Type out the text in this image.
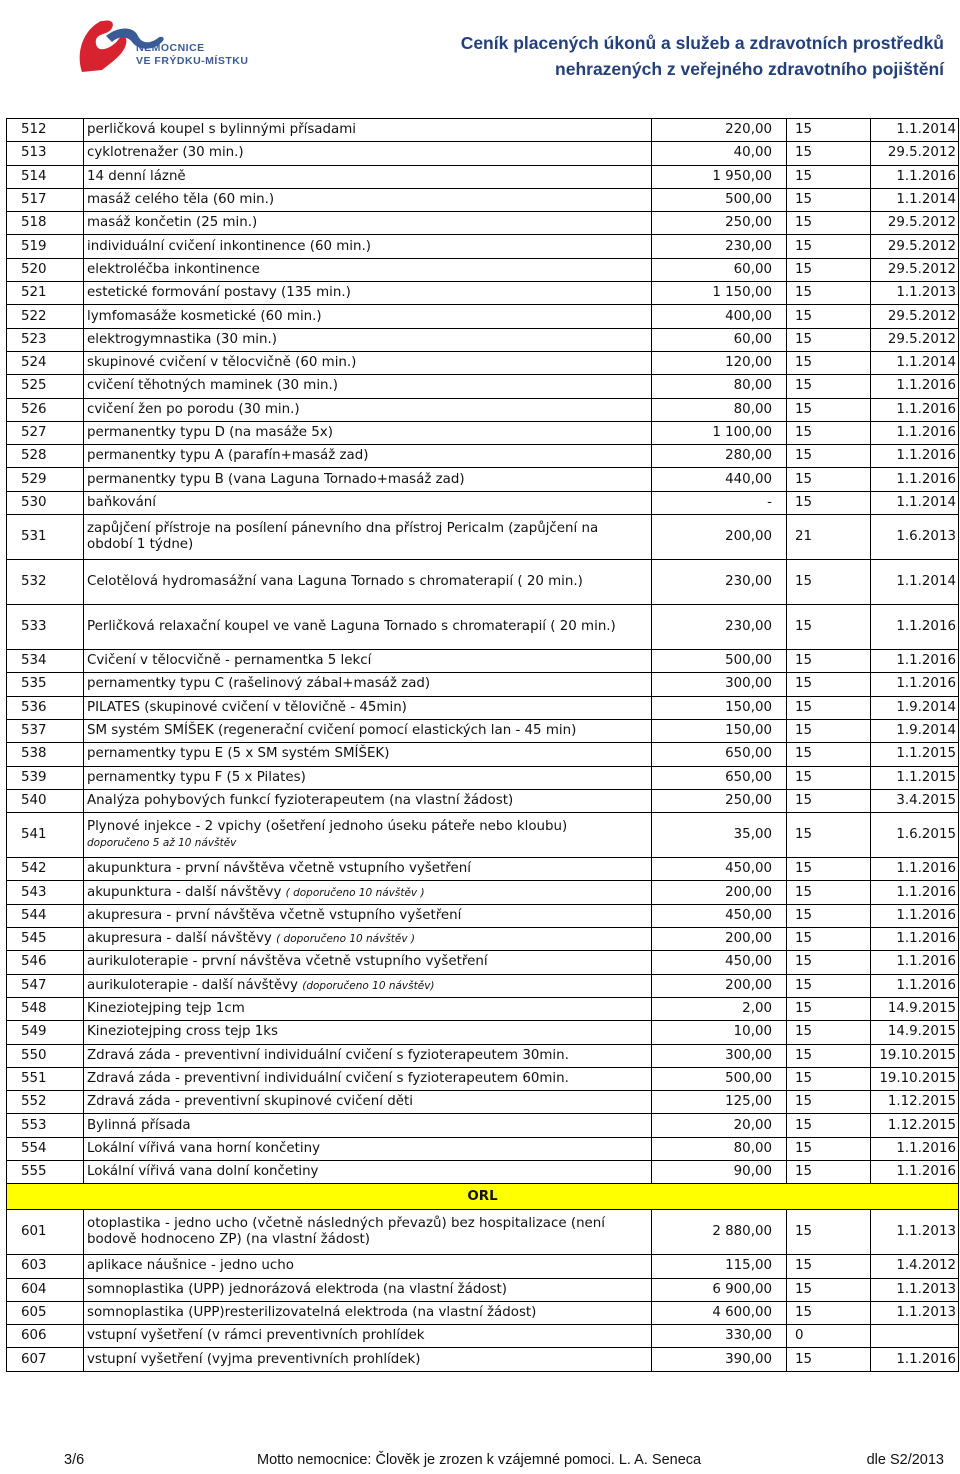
NEMOCNICE
VE FRÝDKU-MÍSTKU
Ceník placených úkonů a služeb a zdravotních prostředků
nehrazených z veřejného zdravotního pojištění
512	perličková koupel s bylinnými přísadami	220,00	15	1.1.2014
513	cyklotrenažer (30 min.)	40,00	15	29.5.2012
514	14 denní lázně	1 950,00	15	1.1.2016
517	masáž celého těla (60 min.)	500,00	15	1.1.2014
518	masáž končetin (25 min.)	250,00	15	29.5.2012
519	individuální cvičení inkontinence (60 min.)	230,00	15	29.5.2012
520	elektroléčba inkontinence	60,00	15	29.5.2012
521	estetické formování postavy (135 min.)	1 150,00	15	1.1.2013
522	lymfomasáže kosmetické (60 min.)	400,00	15	29.5.2012
523	elektrogymnastika (30 min.)	60,00	15	29.5.2012
524	skupinové cvičení v tělocvičně (60 min.)	120,00	15	1.1.2014
525	cvičení těhotných maminek (30 min.)	80,00	15	1.1.2016
526	cvičení žen po porodu (30 min.)	80,00	15	1.1.2016
527	permanentky typu D (na masáže 5x)	1 100,00	15	1.1.2016
528	permanentky typu A (parafín+masáž zad)	280,00	15	1.1.2016
529	permanentky typu B (vana Laguna Tornado+masáž zad)	440,00	15	1.1.2016
530	baňkování	-	15	1.1.2014
531	zapůjčení přístroje na posílení pánevního dna přístroj Pericalm (zapůjčení na období 1 týdne)	200,00	21	1.6.2013
532	Celotělová hydromasážní vana Laguna Tornado s chromaterapií ( 20 min.)	230,00	15	1.1.2014
533	Perličková relaxační koupel ve vaně Laguna Tornado s chromaterapií ( 20 min.)	230,00	15	1.1.2016
534	Cvičení v tělocvičně - pernamentka 5 lekcí	500,00	15	1.1.2016
535	pernamentky typu C (rašelinový zábal+masáž zad)	300,00	15	1.1.2016
536	PILATES (skupinové cvičení v tělovičně - 45min)	150,00	15	1.9.2014
537	SM systém SMÍŠEK (regenerační cvičení pomocí elastických lan - 45 min)	150,00	15	1.9.2014
538	pernamentky typu E (5 x SM systém SMÍŠEK)	650,00	15	1.1.2015
539	pernamentky typu F (5 x Pilates)	650,00	15	1.1.2015
540	Analýza pohybových funkcí fyzioterapeutem (na vlastní žádost)	250,00	15	3.4.2015
541	Plynové injekce - 2 vpichy (ošetření jednoho úseku páteře nebo kloubu)
doporučeno 5 až 10 návštěv	35,00	15	1.6.2015
542	akupunktura - první návštěva včetně vstupního vyšetření	450,00	15	1.1.2016
543	akupunktura - další návštěvy ( doporučeno 10 návštěv )	200,00	15	1.1.2016
544	akupresura - první návštěva včetně vstupního vyšetření	450,00	15	1.1.2016
545	akupresura - další návštěvy ( doporučeno 10 návštěv )	200,00	15	1.1.2016
546	aurikuloterapie - první návštěva včetně vstupního vyšetření	450,00	15	1.1.2016
547	aurikuloterapie - další návštěvy (doporučeno 10 návštěv)	200,00	15	1.1.2016
548	Kineziotejping tejp 1cm	2,00	15	14.9.2015
549	Kineziotejping cross tejp 1ks	10,00	15	14.9.2015
550	Zdravá záda - preventivní individuální cvičení s fyzioterapeutem 30min.	300,00	15	19.10.2015
551	Zdravá záda - preventivní individuální cvičení s fyzioterapeutem 60min.	500,00	15	19.10.2015
552	Zdravá záda - preventivní skupinové cvičení děti	125,00	15	1.12.2015
553	Bylinná přísada	20,00	15	1.12.2015
554	Lokální vířivá vana horní končetiny	80,00	15	1.1.2016
555	Lokální vířivá vana dolní končetiny	90,00	15	1.1.2016
ORL				
601	otoplastika - jedno ucho (včetně následných převazů) bez hospitalizace (není bodově hodnoceno ZP) (na vlastní žádost)	2 880,00	15	1.1.2013
603	aplikace náušnice - jedno ucho	115,00	15	1.4.2012
604	somnoplastika (UPP) jednorázová elektroda (na vlastní žádost)	6 900,00	15	1.1.2013
605	somnoplastika (UPP)resterilizovatelná elektroda (na vlastní žádost)	4 600,00	15	1.1.2013
606	vstupní vyšetření (v rámci preventivních prohlídek	330,00	0	
607	vstupní vyšetření (vyjma preventivních prohlídek)	390,00	15	1.1.2016
3/6	Motto nemocnice: Člověk je zrozen k vzájemné pomoci. L. A. Seneca	dle S2/2013
